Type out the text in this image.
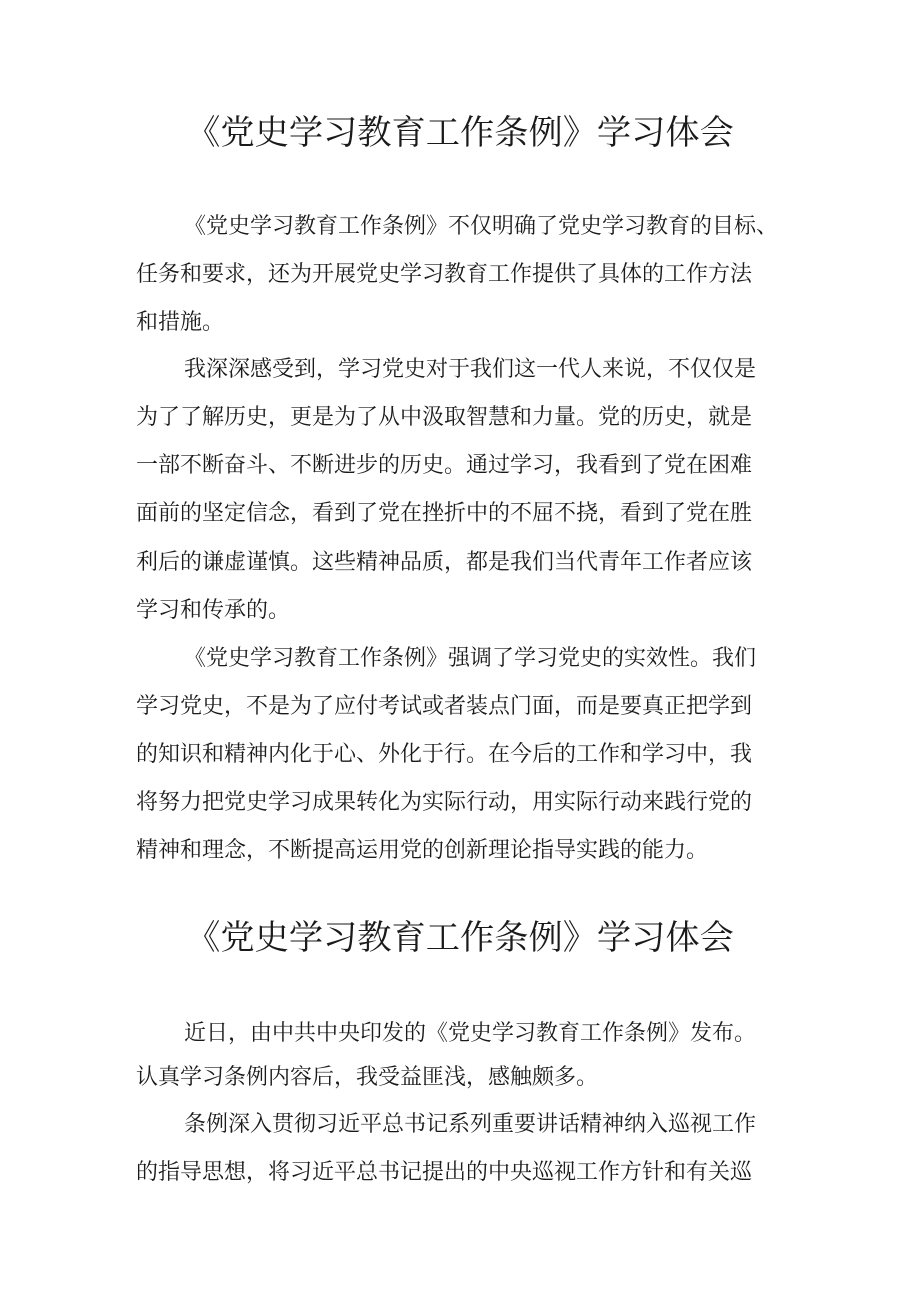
《党史学习教育工作条例》学习体会

《党史学习教育工作条例》不仅明确了党史学习教育的目标、

任务和要求，还为开展党史学习教育工作提供了具体的工作方法

和措施。

我深深感受到，学习党史对于我们这一代人来说，不仅仅是

为了了解历史，更是为了从中汲取智慧和力量。党的历史，就是

一部不断奋斗、不断进步的历史。通过学习，我看到了党在困难

面前的坚定信念，看到了党在挫折中的不屈不挠，看到了党在胜

利后的谦虚谨慎。这些精神品质，都是我们当代青年工作者应该

学习和传承的。

《党史学习教育工作条例》强调了学习党史的实效性。我们

学习党史，不是为了应付考试或者装点门面，而是要真正把学到

的知识和精神内化于心、外化于行。在今后的工作和学习中，我

将努力把党史学习成果转化为实际行动，用实际行动来践行党的

精神和理念，不断提高运用党的创新理论指导实践的能力。

《党史学习教育工作条例》学习体会

近日，由中共中央印发的《党史学习教育工作条例》发布。

认真学习条例内容后，我受益匪浅，感触颇多。

条例深入贯彻习近平总书记系列重要讲话精神纳入巡视工作

的指导思想，将习近平总书记提出的中央巡视工作方针和有关巡
